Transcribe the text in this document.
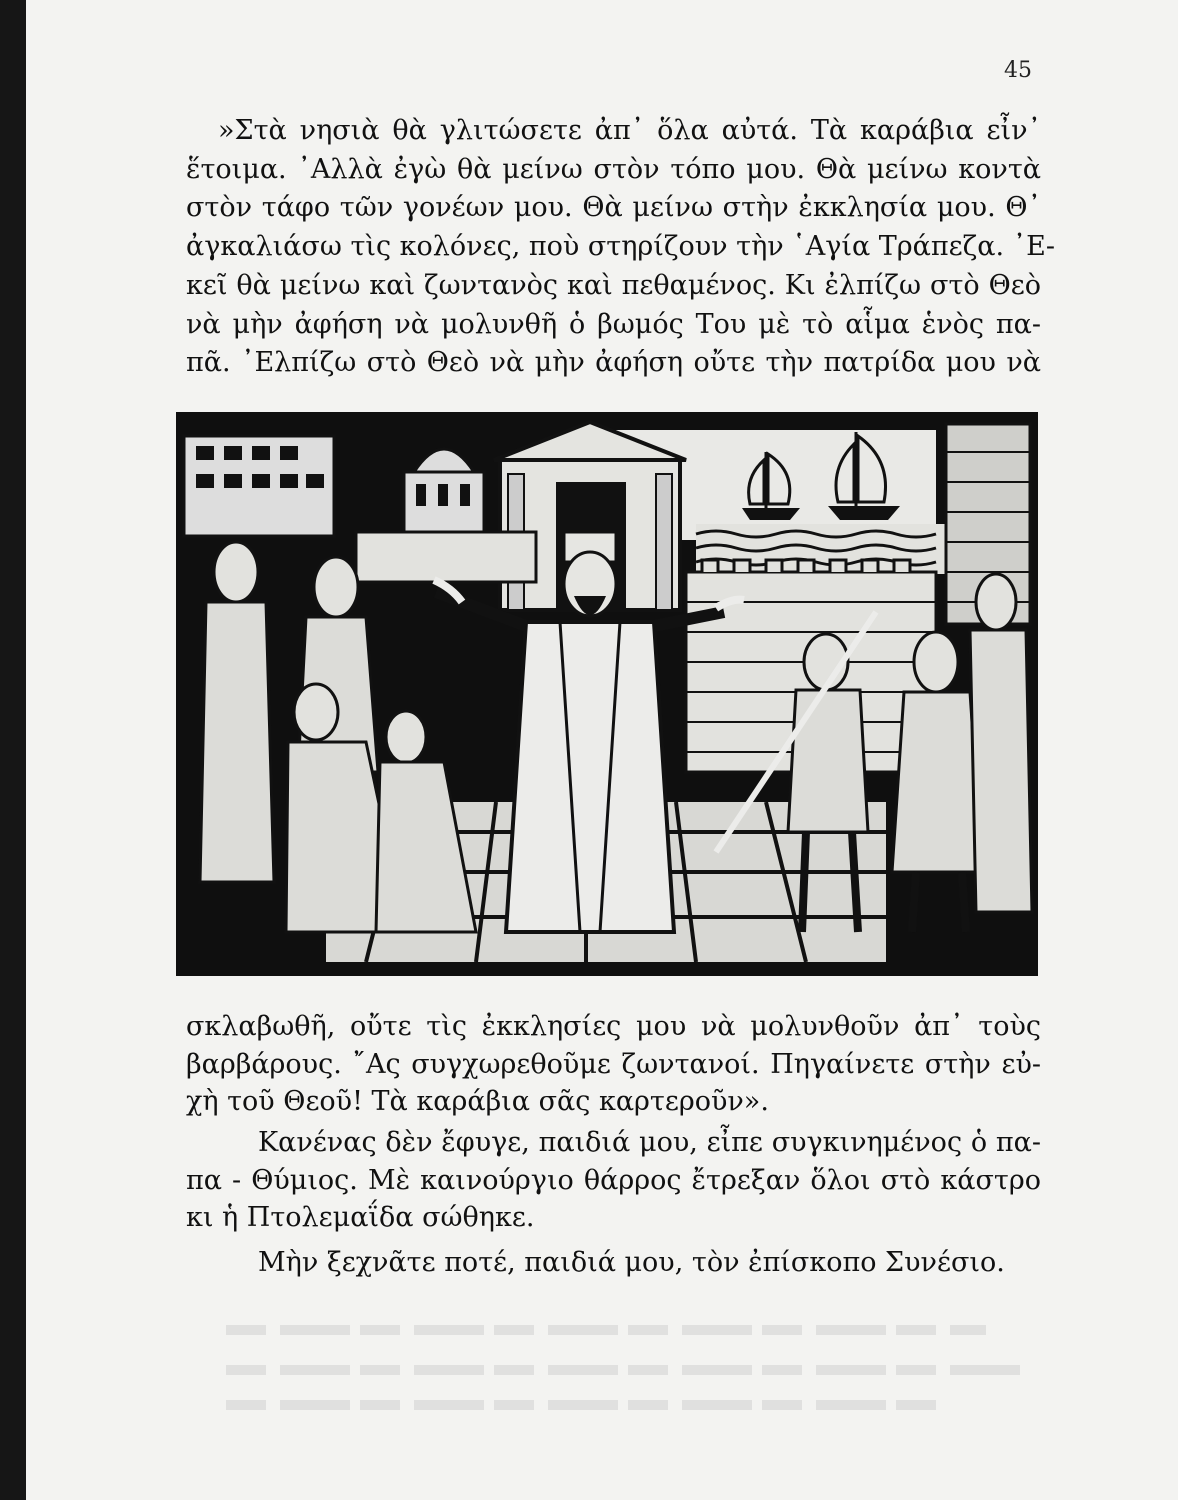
45

»Στὰ νησιὰ θὰ γλιτώσετε ἀπ᾽ ὅλα αὐτά. Τὰ καράβια εἶν᾽
ἕτοιμα. ᾽Αλλὰ ἐγὼ θὰ μείνω στὸν τόπο μου. Θὰ μείνω κοντὰ
στὸν τάφο τῶν γονέων μου. Θὰ μείνω στὴν ἐκκλησία μου. Θ᾽
ἀγκαλιάσω τὶς κολόνες, ποὺ στηρίζουν τὴν ῾Αγία Τράπεζα. ᾽Ε-
κεῖ θὰ μείνω καὶ ζωντανὸς καὶ πεθαμένος. Κι ἐλπίζω στὸ Θεὸ
νὰ μὴν ἀφήση νὰ μολυνθῆ ὁ βωμός Του μὲ τὸ αἷμα ἑνὸς πα-
πᾶ. ᾽Ελπίζω στὸ Θεὸ νὰ μὴν ἀφήση οὔτε τὴν πατρίδα μου νὰ

σκλαβωθῆ, οὔτε τὶς ἐκκλησίες μου νὰ μολυνθοῦν ἀπ᾽ τοὺς
βαρβάρους. ῎Ας συγχωρεθοῦμε ζωντανοί. Πηγαίνετε στὴν εὐ-
χὴ τοῦ Θεοῦ! Τὰ καράβια σᾶς καρτεροῦν».

Κανένας δὲν ἔφυγε, παιδιά μου, εἶπε συγκινημένος ὁ πα-
πα - Θύμιος. Μὲ καινούργιο θάρρος ἔτρεξαν ὅλοι στὸ κάστρο
κι ἡ Πτολεμαΐδα σώθηκε.

Μὴν ξεχνᾶτε ποτέ, παιδιά μου, τὸν ἐπίσκοπο Συνέσιο.
